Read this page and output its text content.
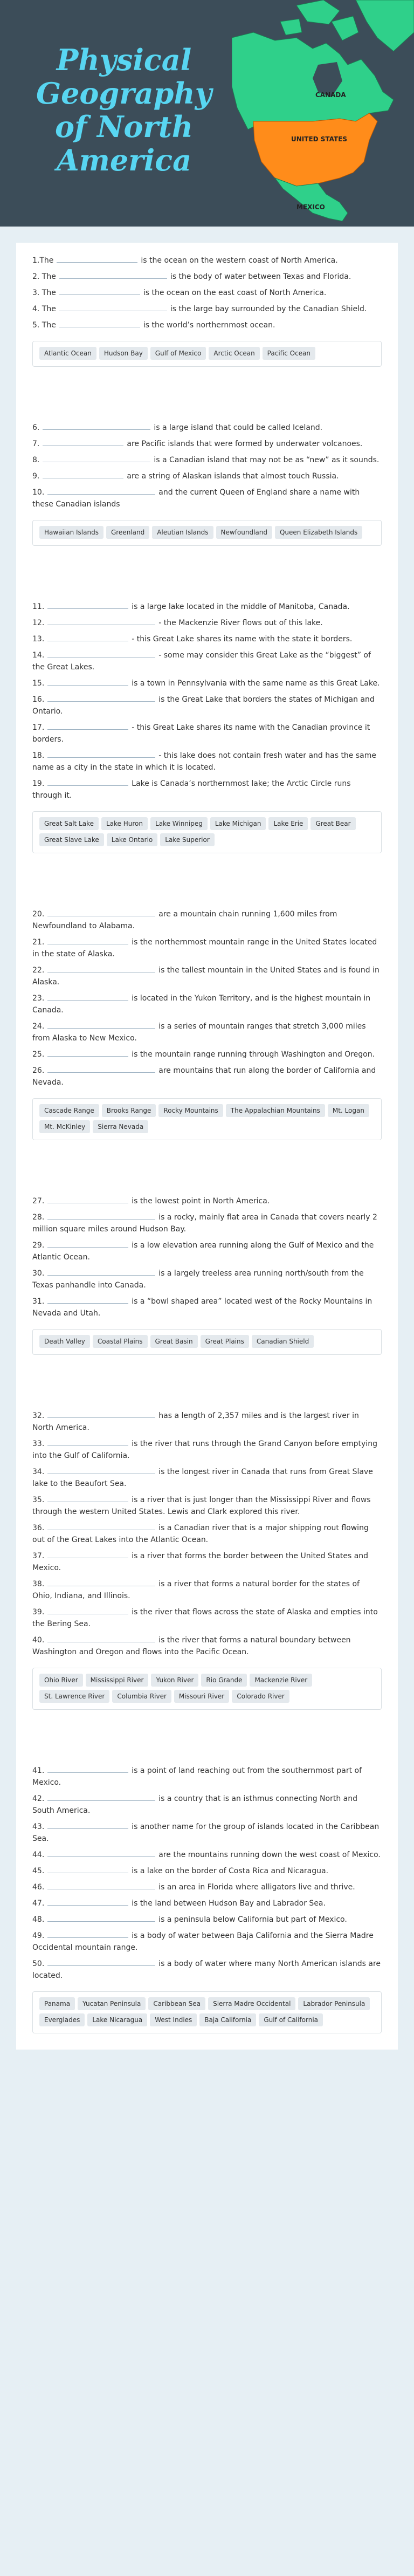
Physical
Geography
of North
America
CANADA
UNITED STATES
MEXICO
1.The	is the ocean on the western coast of North America.
2. The	is the body of water between Texas and Florida.
3. The	is the ocean on the east coast of North America.
4. The	is the large bay surrounded by the Canadian Shield.
5. The	is the world’s northernmost ocean.
Atlantic Ocean Hudson Bay Gulf of Mexico Arctic Ocean Pacific Ocean
6.	is a large island that could be called Iceland.
7.	are Pacific islands that were formed by underwater volcanoes.
8.	is a Canadian island that may not be as “new” as it sounds.
9.	are a string of Alaskan islands that almost touch Russia.
10.	and the current Queen of England share a name with these Canadian islands
Hawaiian Islands Greenland Aleutian Islands Newfoundland Queen Elizabeth Islands
11.	is a large lake located in the middle of Manitoba, Canada.
12.	- the Mackenzie River flows out of this lake.
13.	- this Great Lake shares its name with the state it borders.
14.	- some may consider this Great Lake as the “biggest” of the Great Lakes.
15.	is a town in Pennsylvania with the same name as this Great Lake.
16.	is the Great Lake that borders the states of Michigan and Ontario.
17.	- this Great Lake shares its name with the Canadian province it borders.
18.	- this lake does not contain fresh water and has the same name as a city in the state in which it is located.
19.	Lake is Canada’s northernmost lake; the Arctic Circle runs through it.
Great Salt Lake Lake Huron Lake Winnipeg Lake Michigan Lake Erie Great BearGreat Slave Lake Lake Ontario Lake Superior
20.	are a mountain chain running 1,600 miles from Newfoundland to Alabama.
21.	is the northernmost mountain range in the United States located in the state of Alaska.
22.	is the tallest mountain in the United States and is found in Alaska.
23.	is located in the Yukon Territory, and is the highest mountain in Canada.
24.	is a series of mountain ranges that stretch 3,000 miles from Alaska to New Mexico.
25.	is the mountain range running through Washington and Oregon.
26.	are mountains that run along the border of California and Nevada.
Cascade Range Brooks Range Rocky Mountains The Appalachian Mountains Mt. LoganMt. McKinley Sierra Nevada
27.	is the lowest point in North America.
28.	is a rocky, mainly flat area in Canada that covers nearly 2 million square miles around Hudson Bay.
29.	is a low elevation area running along the Gulf of Mexico and the Atlantic Ocean.
30.	is a largely treeless area running north/south from the Texas panhandle into Canada.
31.	is a “bowl shaped area” located west of the Rocky Mountains in Nevada and Utah.
Death Valley Coastal Plains Great Basin Great Plains Canadian Shield
32.	has a length of 2,357 miles and is the largest river in North America.
33.	is the river that runs through the Grand Canyon before emptying into the Gulf of California.
34.	is the longest river in Canada that runs from Great Slave lake to the Beaufort Sea.
35.	is a river that is just longer than the Mississippi River and flows through the western United States. Lewis and Clark explored this river.
36.	is a Canadian river that is a major shipping rout flowing out of the Great Lakes into the Atlantic Ocean.
37.	is a river that forms the border between the United States and Mexico.
38.	is a river that forms a natural border for the states of Ohio, Indiana, and Illinois.
39.	is the river that flows across the state of Alaska and empties into the Bering Sea.
40.	is the river that forms a natural boundary between Washington and Oregon and flows into the Pacific Ocean.
Ohio River Mississippi River Yukon River Rio Grande Mackenzie RiverSt. Lawrence River Columbia River Missouri River Colorado River
41.	is a point of land reaching out from the southernmost part of Mexico.
42.	is a country that is an isthmus connecting North and South America.
43.	is another name for the group of islands located in the Caribbean Sea.
44.	are the mountains running down the west coast of Mexico.
45.	is a lake on the border of Costa Rica and Nicaragua.
46.	is an area in Florida where alligators live and thrive.
47.	is the land between Hudson Bay and Labrador Sea.
48.	is a peninsula below California but part of Mexico.
49.	is a body of water between Baja California and the Sierra Madre Occidental mountain range.
50.	is a body of water where many North American islands are located.
Panama Yucatan Peninsula Caribbean Sea Sierra Madre Occidental Labrador PeninsulaEverglades Lake Nicaragua West Indies Baja California Gulf of California
